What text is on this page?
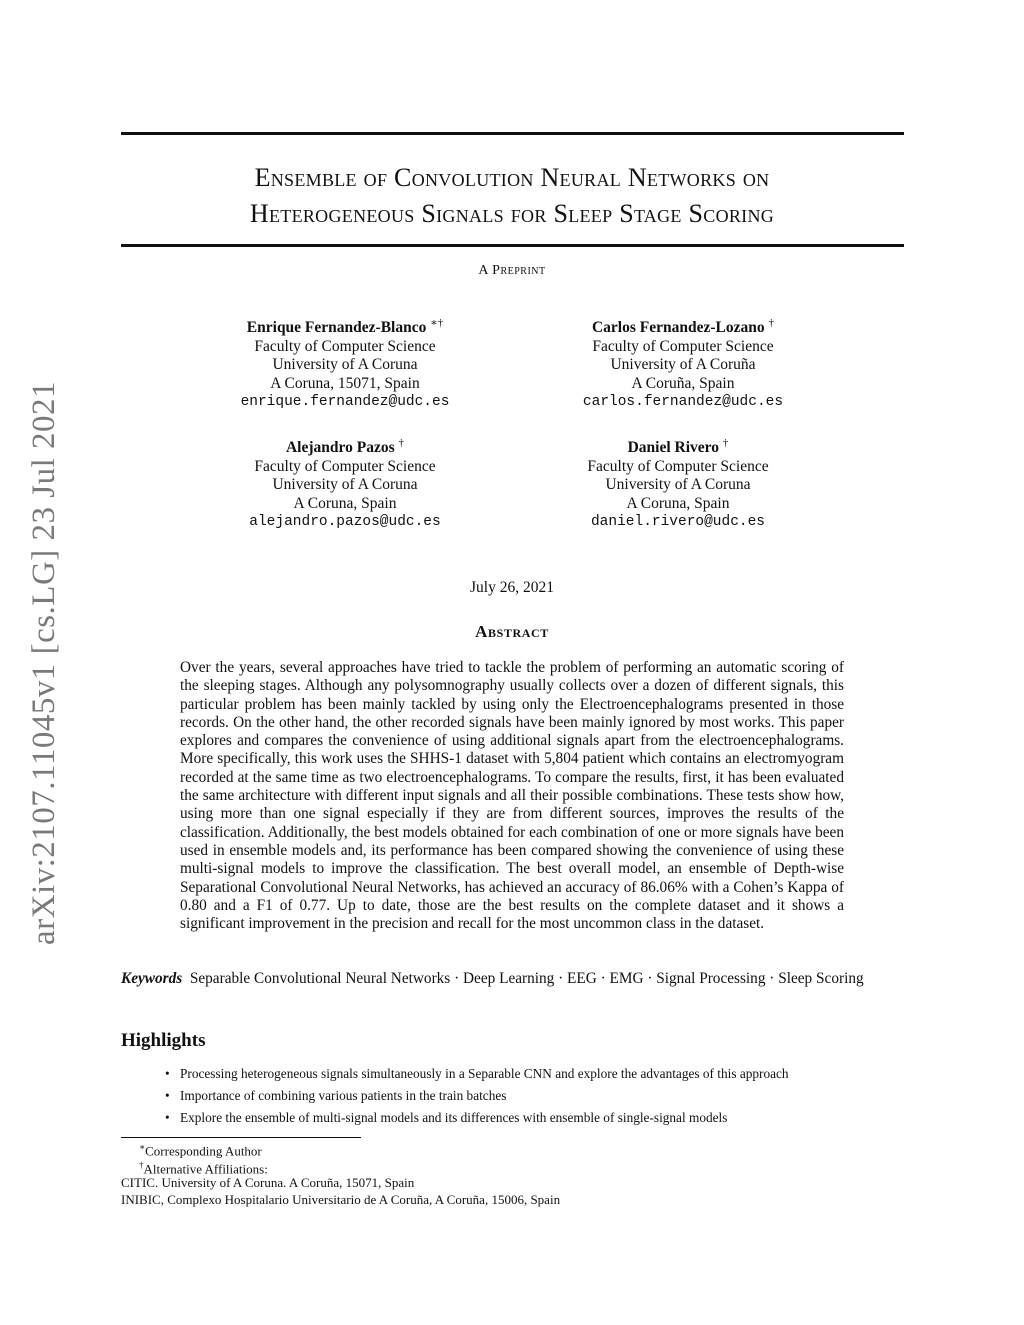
arXiv:2107.11045v1 [cs.LG] 23 Jul 2021
Ensemble of Convolution Neural Networks on
Heterogeneous Signals for Sleep Stage Scoring
A Preprint
Enrique Fernandez-Blanco ∗†
Faculty of Computer Science
University of A Coruna
A Coruna, 15071, Spain
enrique.fernandez@udc.es
Carlos Fernandez-Lozano †
Faculty of Computer Science
University of A Coruña
A Coruña, Spain
carlos.fernandez@udc.es
Alejandro Pazos †
Faculty of Computer Science
University of A Coruna
A Coruna, Spain
alejandro.pazos@udc.es
Daniel Rivero †
Faculty of Computer Science
University of A Coruna
A Coruna, Spain
daniel.rivero@udc.es
July 26, 2021
Abstract
Over the years, several approaches have tried to tackle the problem of performing an automatic scoring of the sleeping stages. Although any polysomnography usually collects over a dozen of different signals, this particular problem has been mainly tackled by using only the Electroencephalograms presented in those records. On the other hand, the other recorded signals have been mainly ignored by most works. This paper explores and compares the convenience of using additional signals apart from the electroencephalograms. More specifically, this work uses the SHHS-1 dataset with 5,804 patient which contains an electromyogram recorded at the same time as two electroencephalograms. To compare the results, first, it has been evaluated the same architecture with different input signals and all their possible combinations. These tests show how, using more than one signal especially if they are from different sources, improves the results of the classification. Additionally, the best models obtained for each combination of one or more signals have been used in ensemble models and, its performance has been compared showing the convenience of using these multi-signal models to improve the classification. The best overall model, an ensemble of Depth-wise Separational Convolutional Neural Networks, has achieved an accuracy of 86.06% with a Cohen’s Kappa of 0.80 and a F1 of 0.77. Up to date, those are the best results on the complete dataset and it shows a significant improvement in the precision and recall for the most uncommon class in the dataset.
Keywords Separable Convolutional Neural Networks · Deep Learning · EEG · EMG · Signal Processing · Sleep Scoring
Highlights
• Processing heterogeneous signals simultaneously in a Separable CNN and explore the advantages of this approach
• Importance of combining various patients in the train batches
• Explore the ensemble of multi-signal models and its differences with ensemble of single-signal models
∗Corresponding Author
†Alternative Affiliations:
CITIC. University of A Coruna. A Coruña, 15071, Spain
INIBIC, Complexo Hospitalario Universitario de A Coruña, A Coruña, 15006, Spain
